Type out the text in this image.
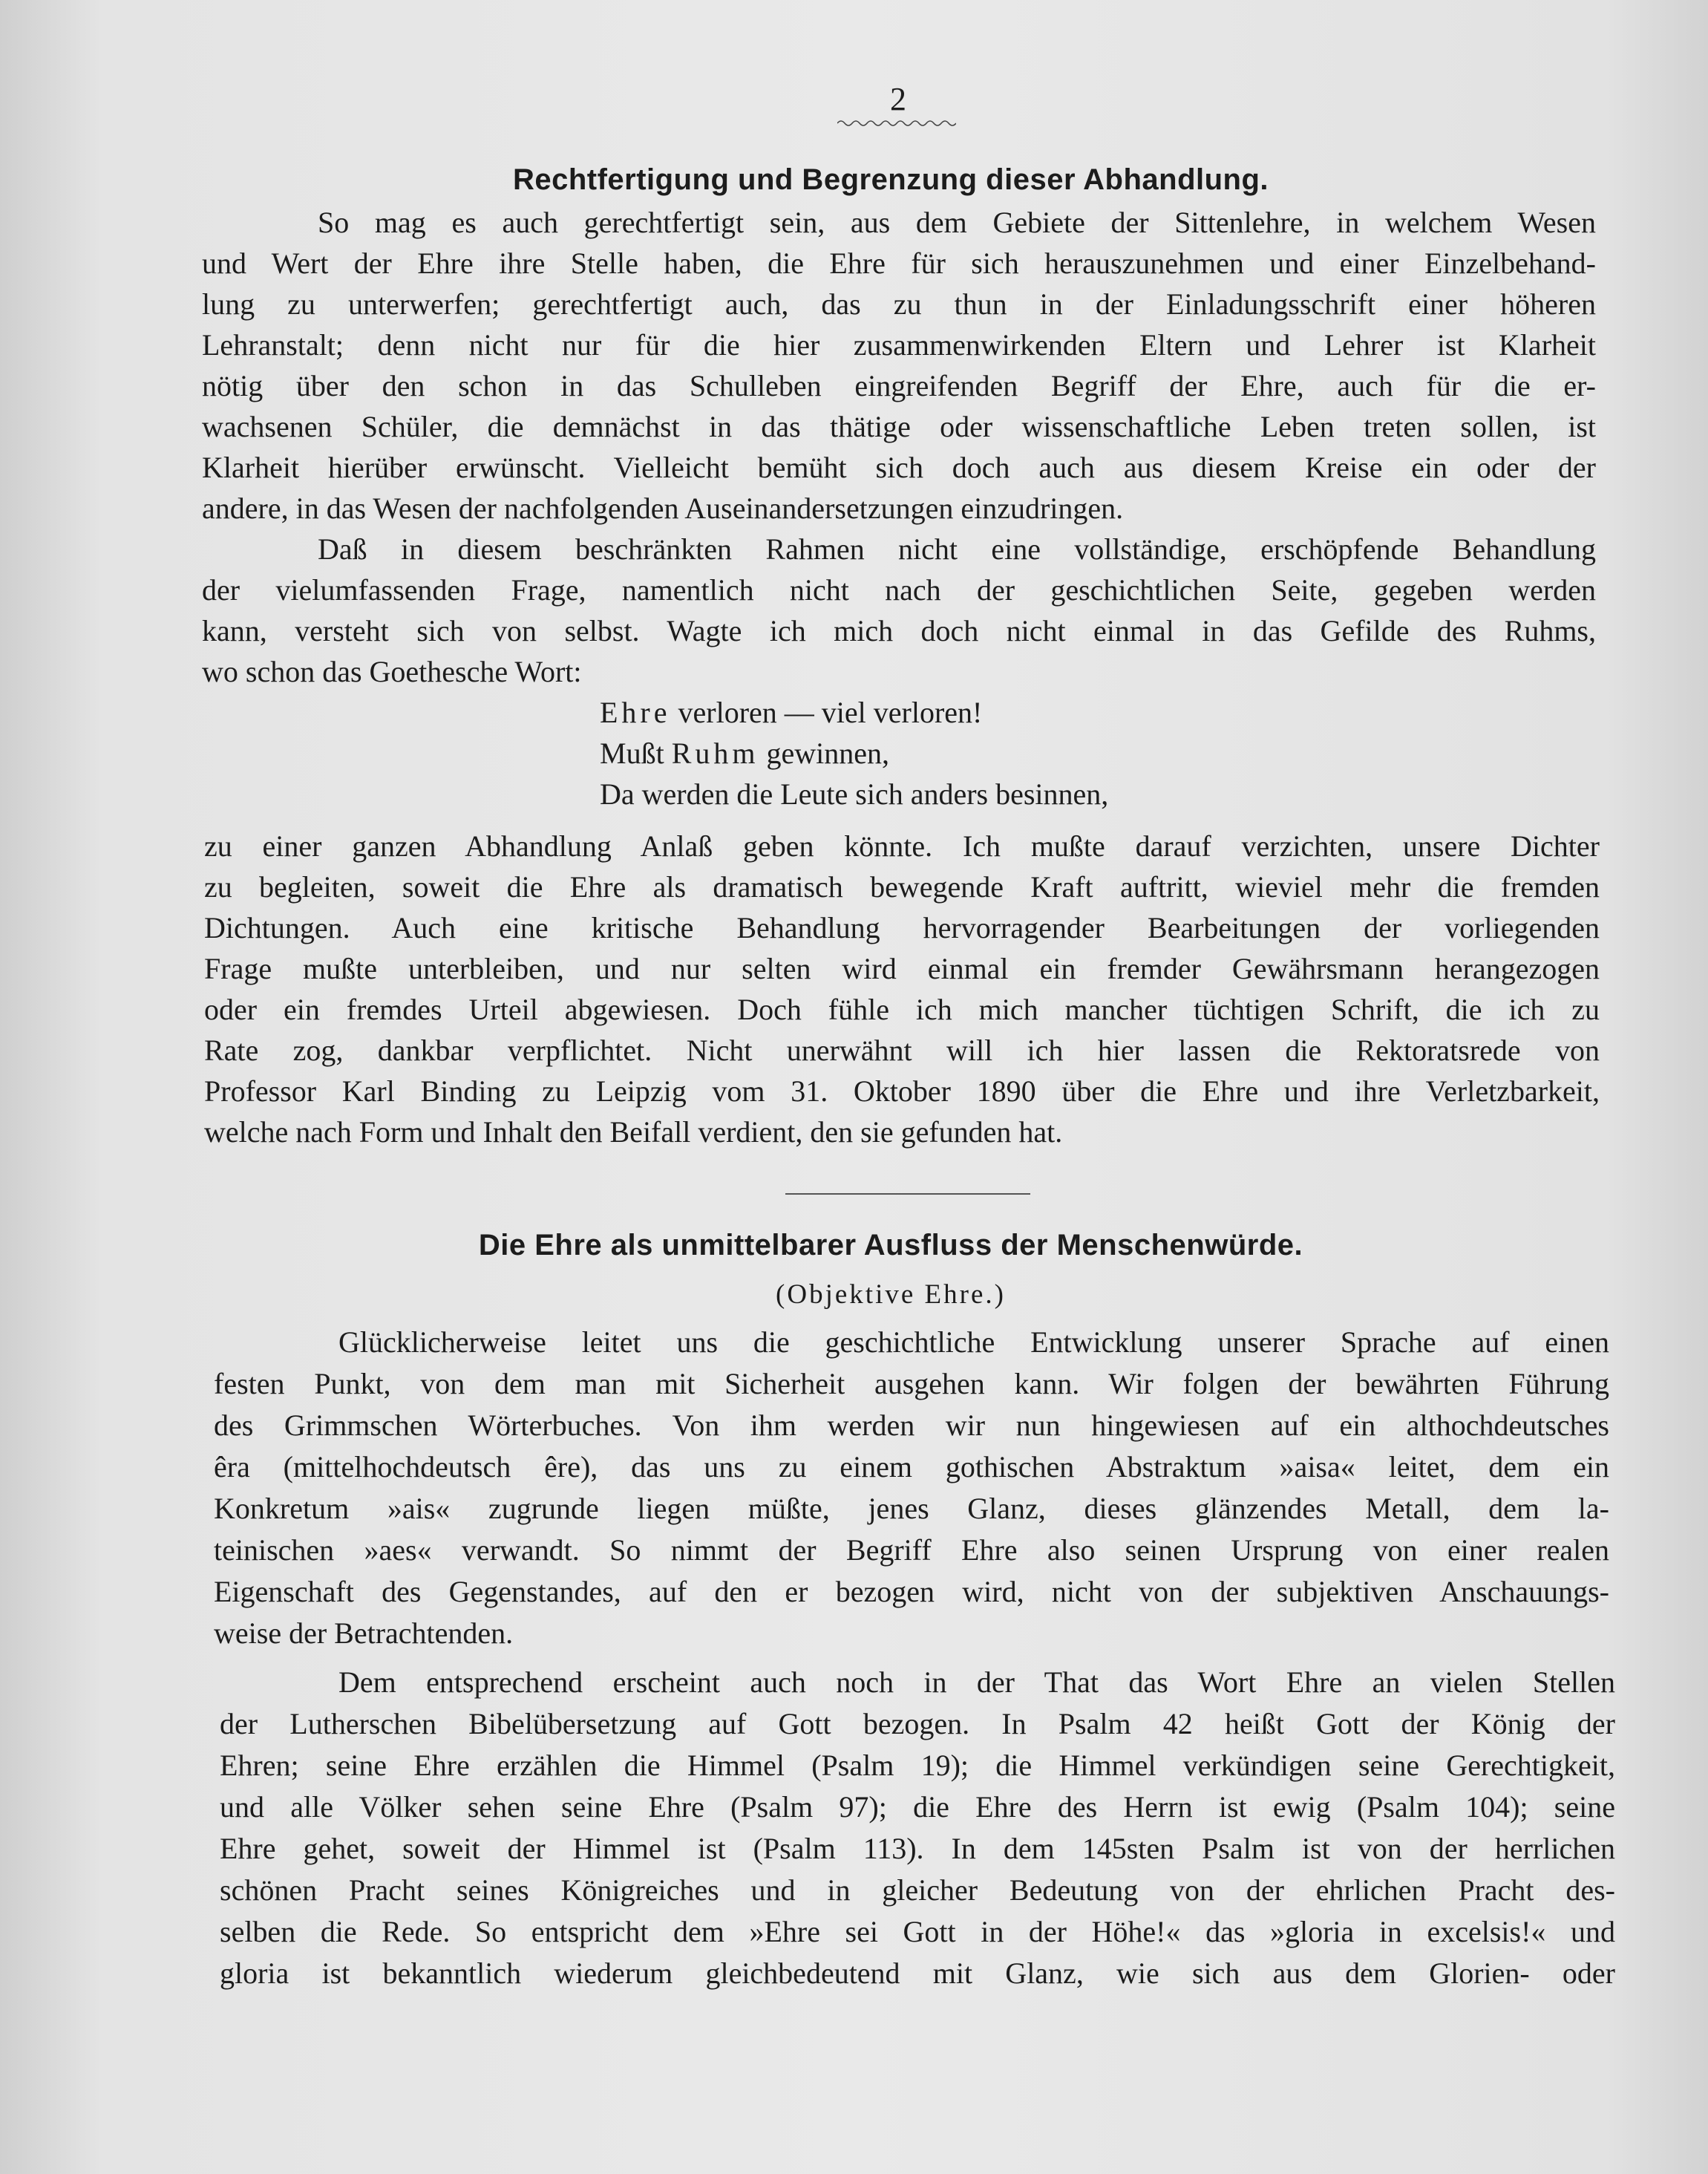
2
Rechtfertigung und Begrenzung dieser Abhandlung.
So mag es auch gerechtfertigt sein, aus dem Gebiete der Sittenlehre, in welchem Wesen
und Wert der Ehre ihre Stelle haben, die Ehre für sich herauszunehmen und einer Einzelbehand-
lung zu unterwerfen; gerechtfertigt auch, das zu thun in der Einladungsschrift einer höheren
Lehranstalt; denn nicht nur für die hier zusammenwirkenden Eltern und Lehrer ist Klarheit
nötig über den schon in das Schulleben eingreifenden Begriff der Ehre, auch für die er-
wachsenen Schüler, die demnächst in das thätige oder wissenschaftliche Leben treten sollen, ist
Klarheit hierüber erwünscht. Vielleicht bemüht sich doch auch aus diesem Kreise ein oder der
andere, in das Wesen der nachfolgenden Auseinandersetzungen einzudringen.
Daß in diesem beschränkten Rahmen nicht eine vollständige, erschöpfende Behandlung
der vielumfassenden Frage, namentlich nicht nach der geschichtlichen Seite, gegeben werden
kann, versteht sich von selbst. Wagte ich mich doch nicht einmal in das Gefilde des Ruhms,
wo schon das Goethesche Wort:
Ehre verloren — viel verloren!
Mußt Ruhm gewinnen,
Da werden die Leute sich anders besinnen,
zu einer ganzen Abhandlung Anlaß geben könnte. Ich mußte darauf verzichten, unsere Dichter
zu begleiten, soweit die Ehre als dramatisch bewegende Kraft auftritt, wieviel mehr die fremden
Dichtungen. Auch eine kritische Behandlung hervorragender Bearbeitungen der vorliegenden
Frage mußte unterbleiben, und nur selten wird einmal ein fremder Gewährsmann herangezogen
oder ein fremdes Urteil abgewiesen. Doch fühle ich mich mancher tüchtigen Schrift, die ich zu
Rate zog, dankbar verpflichtet. Nicht unerwähnt will ich hier lassen die Rektoratsrede von
Professor Karl Binding zu Leipzig vom 31. Oktober 1890 über die Ehre und ihre Verletzbarkeit,
welche nach Form und Inhalt den Beifall verdient, den sie gefunden hat.
Die Ehre als unmittelbarer Ausfluss der Menschenwürde.
(Objektive Ehre.)
Glücklicherweise leitet uns die geschichtliche Entwicklung unserer Sprache auf einen
festen Punkt, von dem man mit Sicherheit ausgehen kann. Wir folgen der bewährten Führung
des Grimmschen Wörterbuches. Von ihm werden wir nun hingewiesen auf ein althochdeutsches
êra (mittelhochdeutsch êre), das uns zu einem gothischen Abstraktum »aisa« leitet, dem ein
Konkretum »ais« zugrunde liegen müßte, jenes Glanz, dieses glänzendes Metall, dem la-
teinischen »aes« verwandt. So nimmt der Begriff Ehre also seinen Ursprung von einer realen
Eigenschaft des Gegenstandes, auf den er bezogen wird, nicht von der subjektiven Anschauungs-
weise der Betrachtenden.
Dem entsprechend erscheint auch noch in der That das Wort Ehre an vielen Stellen
der Lutherschen Bibelübersetzung auf Gott bezogen. In Psalm 42 heißt Gott der König der
Ehren; seine Ehre erzählen die Himmel (Psalm 19); die Himmel verkündigen seine Gerechtigkeit,
und alle Völker sehen seine Ehre (Psalm 97); die Ehre des Herrn ist ewig (Psalm 104); seine
Ehre gehet, soweit der Himmel ist (Psalm 113). In dem 145sten Psalm ist von der herrlichen
schönen Pracht seines Königreiches und in gleicher Bedeutung von der ehrlichen Pracht des-
selben die Rede. So entspricht dem »Ehre sei Gott in der Höhe!« das »gloria in excelsis!« und
gloria ist bekanntlich wiederum gleichbedeutend mit Glanz, wie sich aus dem Glorien- oder
